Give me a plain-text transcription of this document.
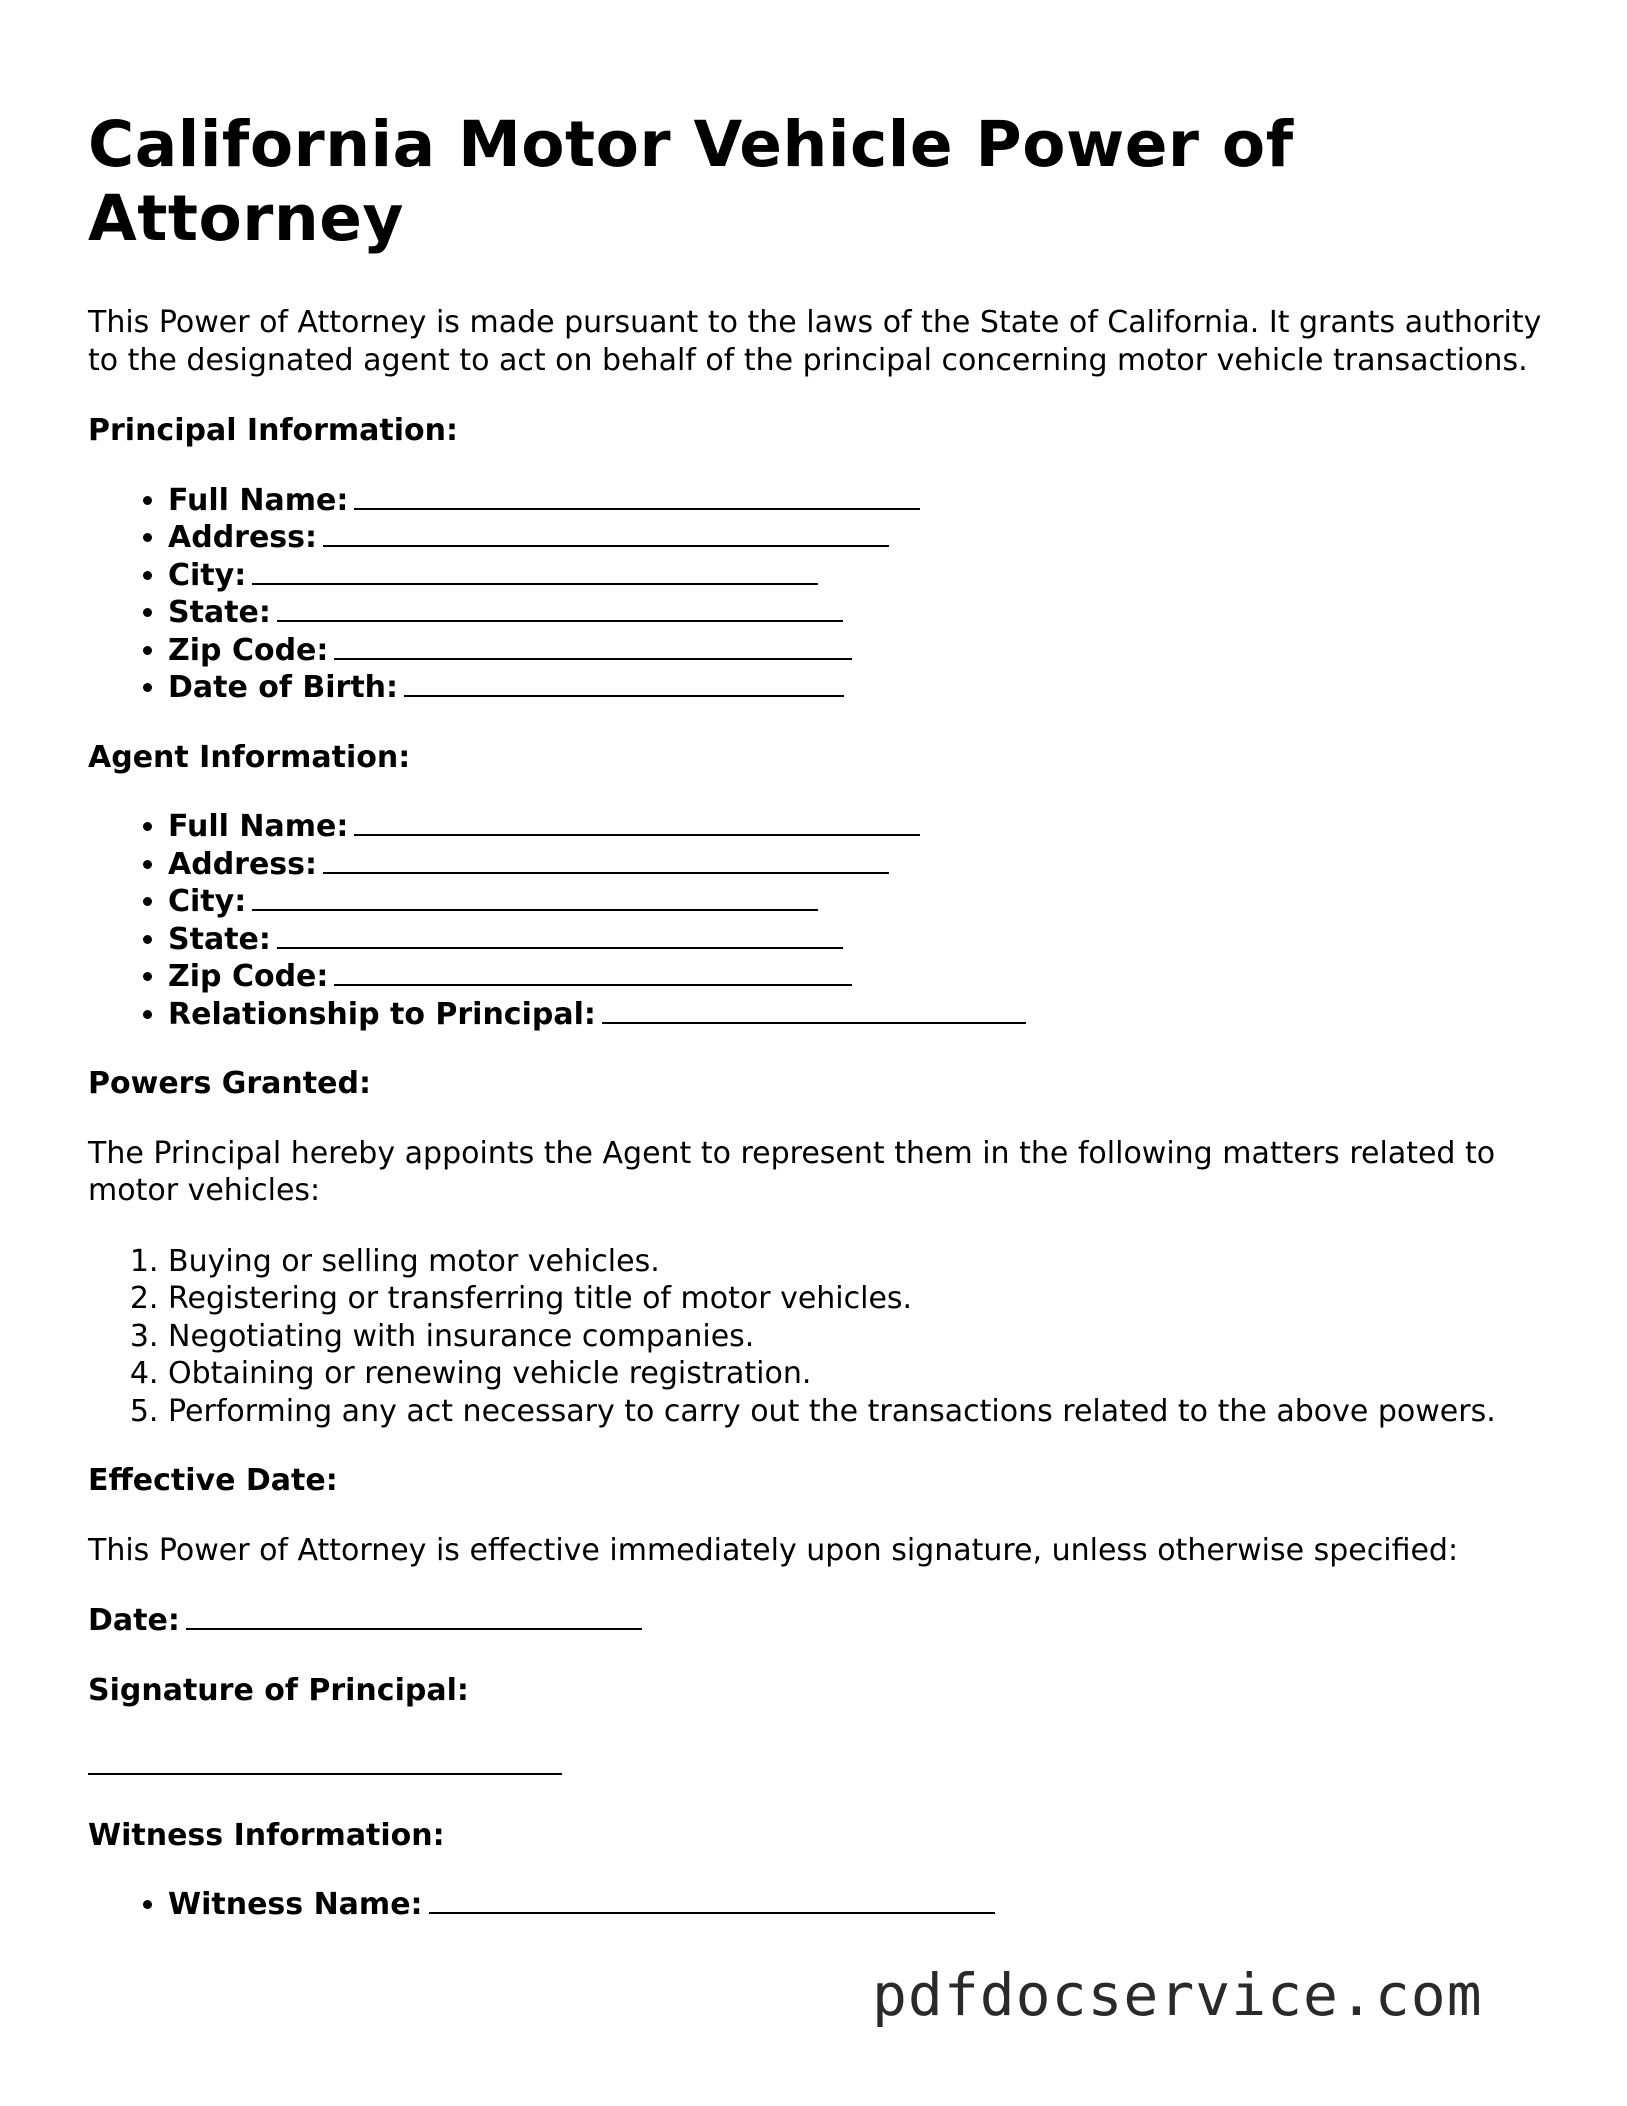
California Motor Vehicle Power of Attorney

This Power of Attorney is made pursuant to the laws of the State of California. It grants authority to the designated agent to act on behalf of the principal concerning motor vehicle transactions.

Principal Information:
• Full Name:
• Address:
• City:
• State:
• Zip Code:
• Date of Birth:
Agent Information:
• Full Name:
• Address:
• City:
• State:
• Zip Code:
• Relationship to Principal:
Powers Granted:

The Principal hereby appoints the Agent to represent them in the following matters related to motor vehicles:

1. Buying or selling motor vehicles.
2. Registering or transferring title of motor vehicles.
3. Negotiating with insurance companies.
4. Obtaining or renewing vehicle registration.
5. Performing any act necessary to carry out the transactions related to the above powers.
Effective Date:

This Power of Attorney is effective immediately upon signature, unless otherwise specified:

Date:
Signature of Principal:
Witness Information:
• Witness Name:
pdfdocservice.com
